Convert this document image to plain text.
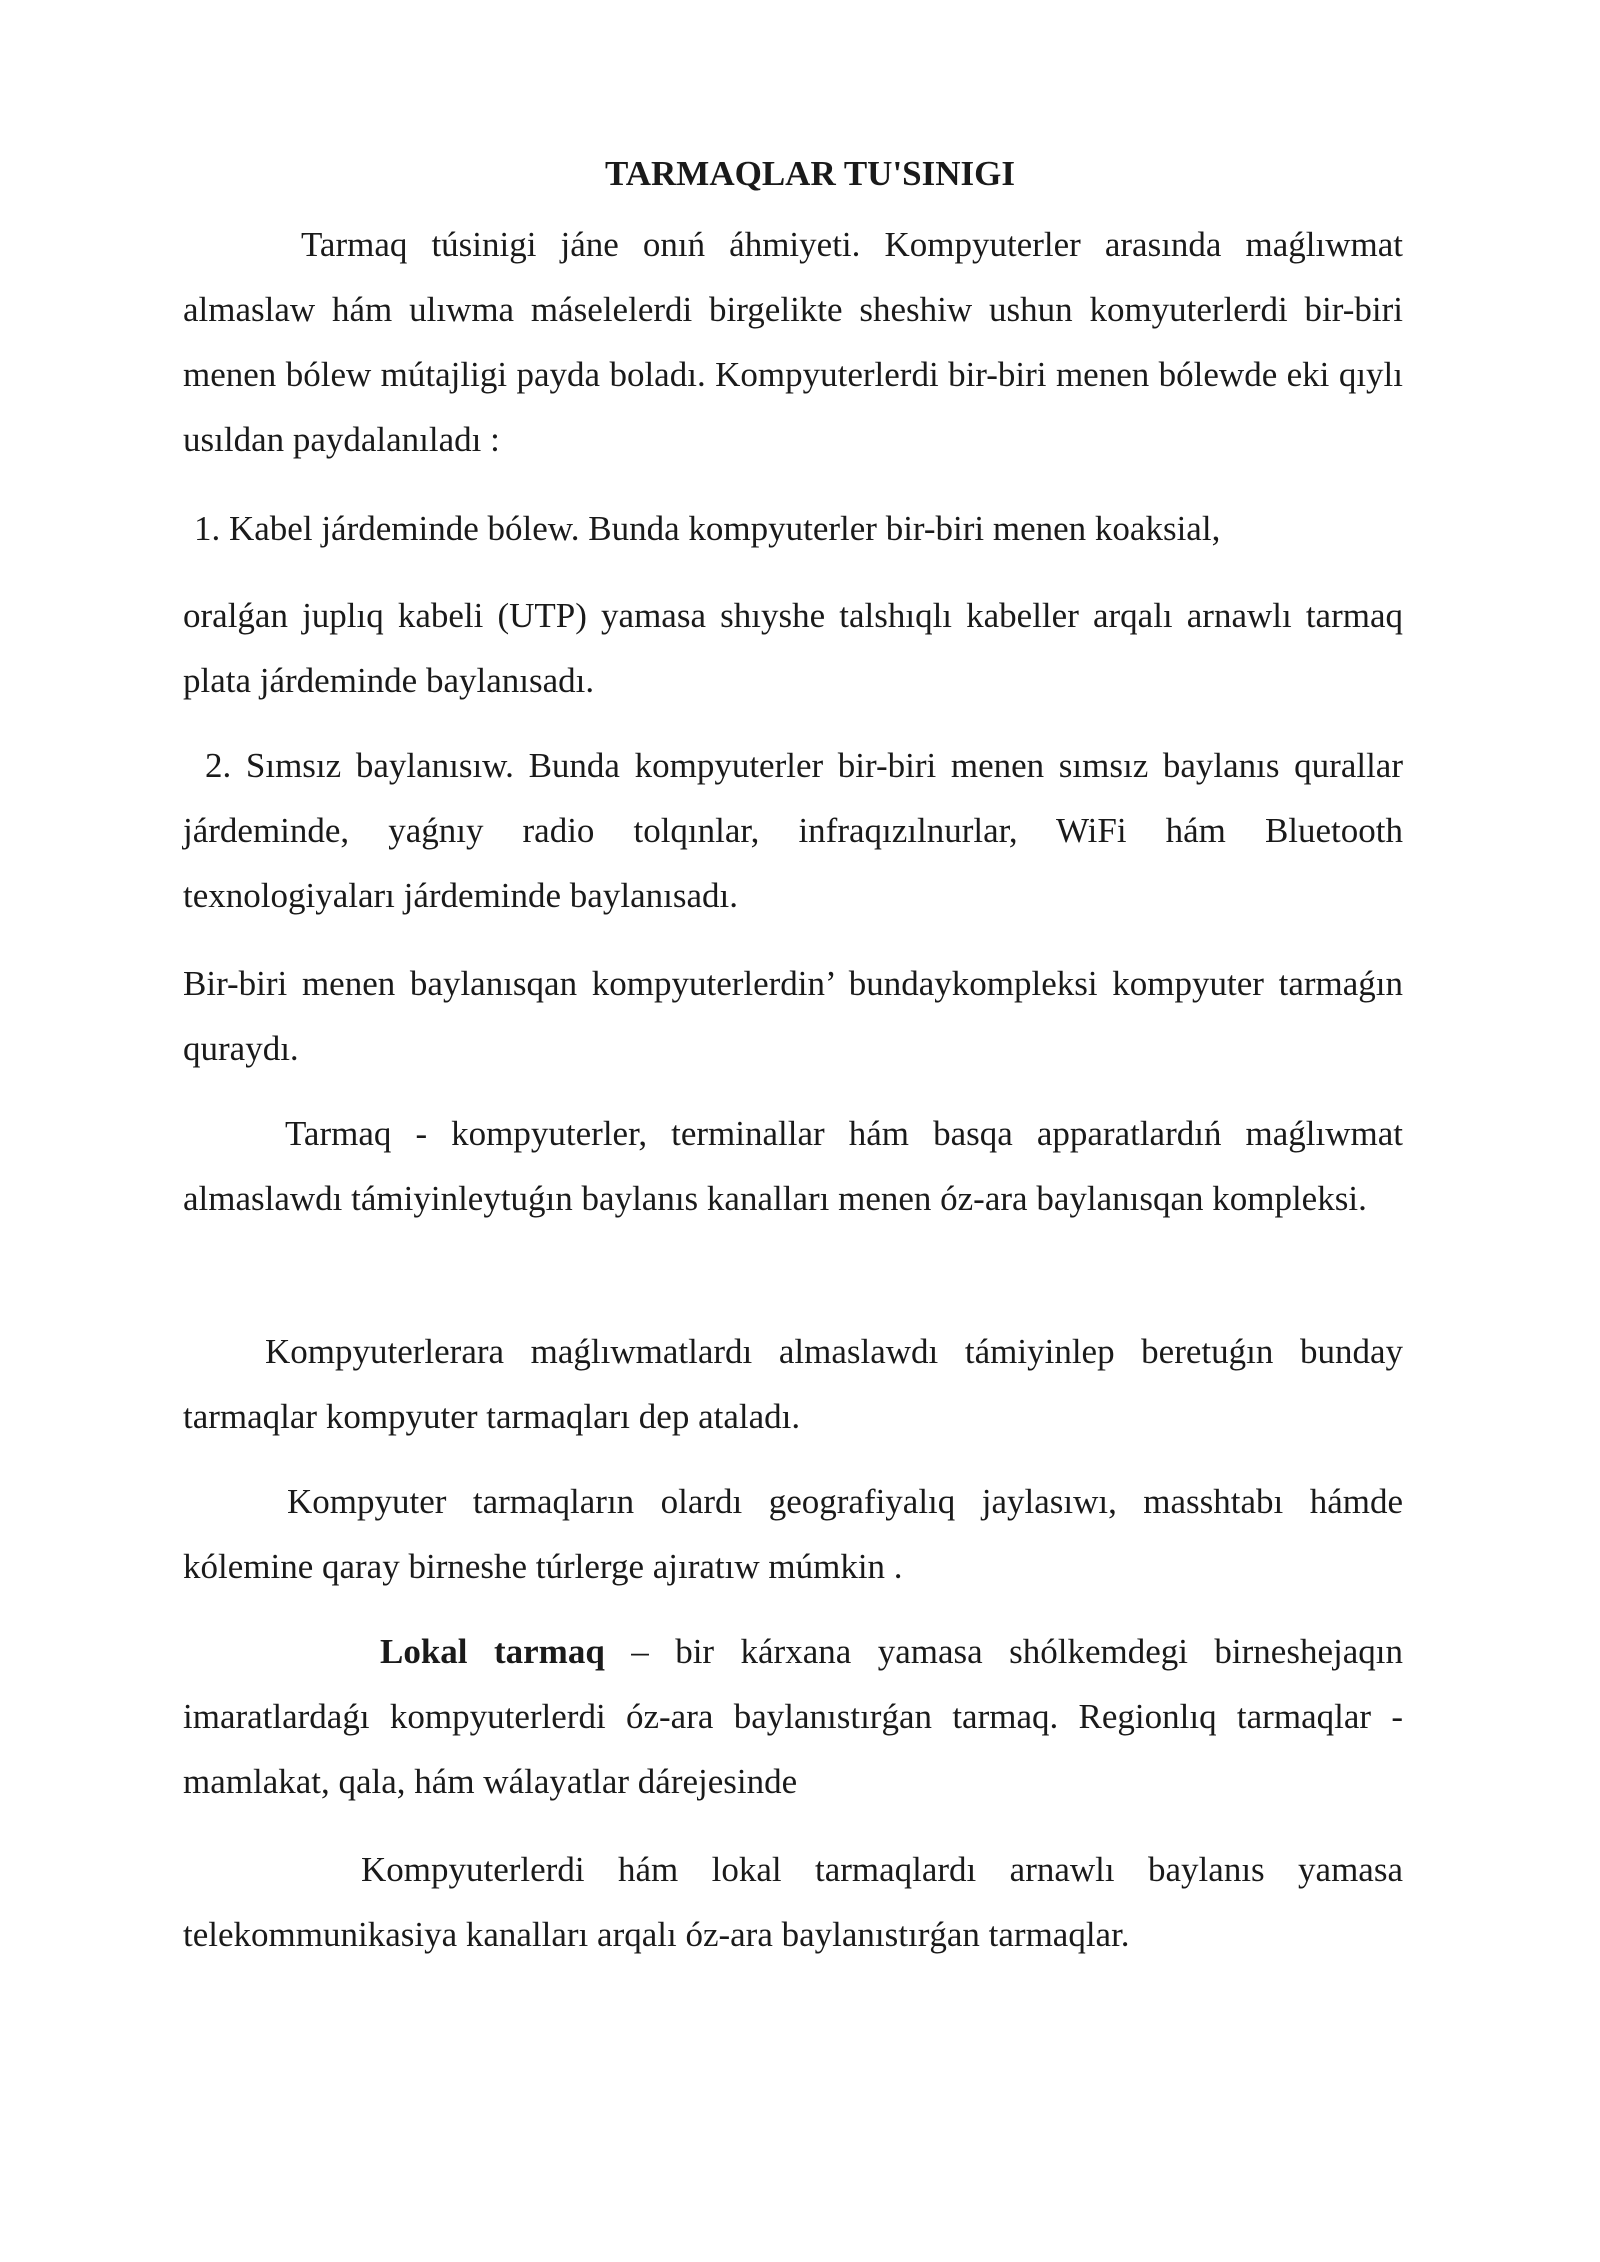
TARMAQLAR TU'SINIGI

Tarmaq túsinigi jáne onıń áhmiyeti. Kompyuterler arasında maǵlıwmat almaslaw hám ulıwma máselelerdi birgelikte sheshiw ushun komyuterlerdi bir-biri menen bólew mútajligi payda boladı. Kompyuterlerdi bir-biri menen bólewde eki qıylı usıldan paydalanıladı :

1. Kabel járdeminde bólew. Bunda kompyuterler bir-biri menen koaksial,

oralǵan juplıq kabeli (UTP) yamasa shıyshe talshıqlı kabeller arqalı arnawlı tarmaq plata járdeminde baylanısadı.

2. Sımsız baylanısıw. Bunda kompyuterler bir-biri menen sımsız baylanıs qurallar járdeminde, yaǵnıy radio tolqınlar, infraqızılnurlar, WiFi hám Bluetooth texnologiyaları járdeminde baylanısadı.

Bir-biri menen baylanısqan kompyuterlerdin’ bundaykompleksi kompyuter tarmaǵın quraydı.

Tarmaq - kompyuterler, terminallar hám basqa apparatlardıń maǵlıwmat almaslawdı támiyinleytuǵın baylanıs kanalları menen óz-ara baylanısqan kompleksi.

Kompyuterlerara maǵlıwmatlardı almaslawdı támiyinlep beretuǵın bunday tarmaqlar kompyuter tarmaqları dep ataladı.

Kompyuter tarmaqların olardı geografiyalıq jaylasıwı, masshtabı hámde kólemine qaray birneshe túrlerge ajıratıw múmkin .

Lokal tarmaq – bir kárxana yamasa shólkemdegi birneshejaqın imaratlardaǵı kompyuterlerdi óz-ara baylanıstırǵan tarmaq. Regionlıq tarmaqlar -mamlakat, qala, hám wálayatlar dárejesinde

Kompyuterlerdi hám lokal tarmaqlardı arnawlı baylanıs yamasa telekommunikasiya kanalları arqalı óz-ara baylanıstırǵan tarmaqlar.
